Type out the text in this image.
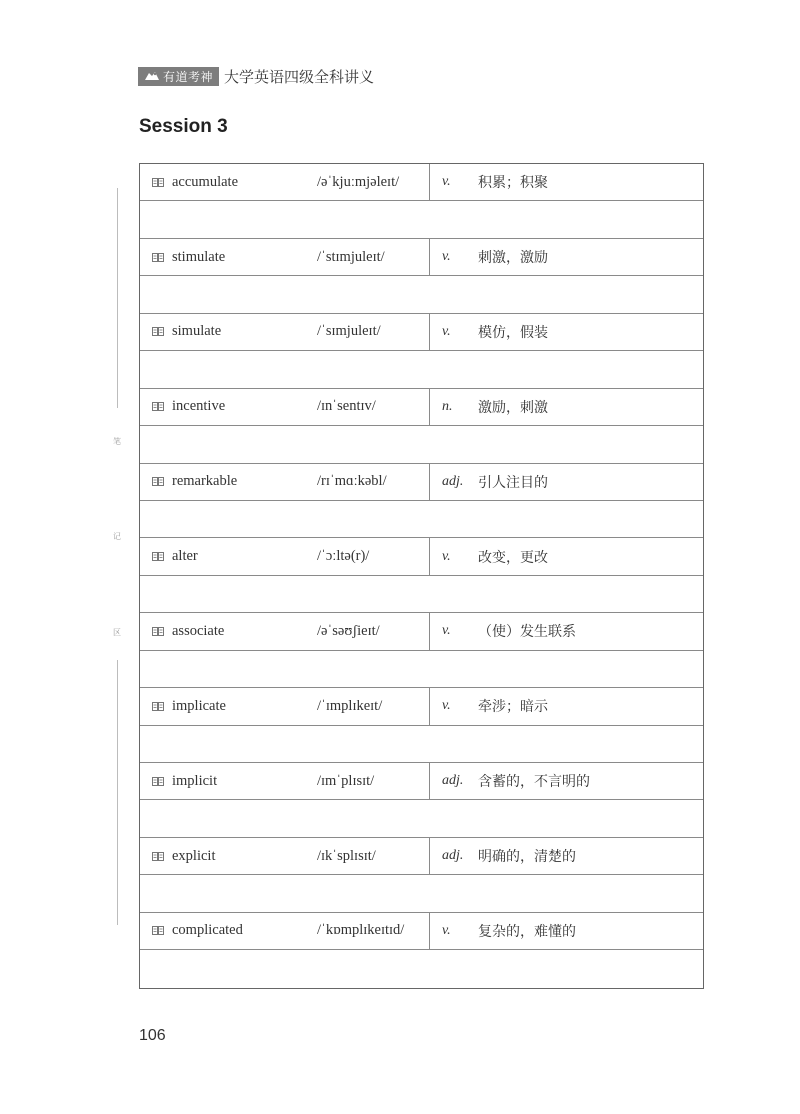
有道考神 大学英语四级全科讲义
Session 3
笔
记
区
accumulate	/əˈkjuːmjəleɪt/	v.	积累；积聚
stimulate	/ˈstɪmjuleɪt/	v.	刺激，激励
simulate	/ˈsɪmjuleɪt/	v.	模仿，假装
incentive	/ɪnˈsentɪv/	n.	激励，刺激
remarkable	/rɪˈmɑːkəbl/	adj.	引人注目的
alter	/ˈɔːltə(r)/	v.	改变，更改
associate	/əˈsəʊʃieɪt/	v.	（使）发生联系
implicate	/ˈɪmplɪkeɪt/	v.	牵涉；暗示
implicit	/ɪmˈplɪsɪt/	adj.	含蓄的，不言明的
explicit	/ɪkˈsplɪsɪt/	adj.	明确的，清楚的
complicated	/ˈkɒmplɪkeɪtɪd/	v.	复杂的，难懂的
106
